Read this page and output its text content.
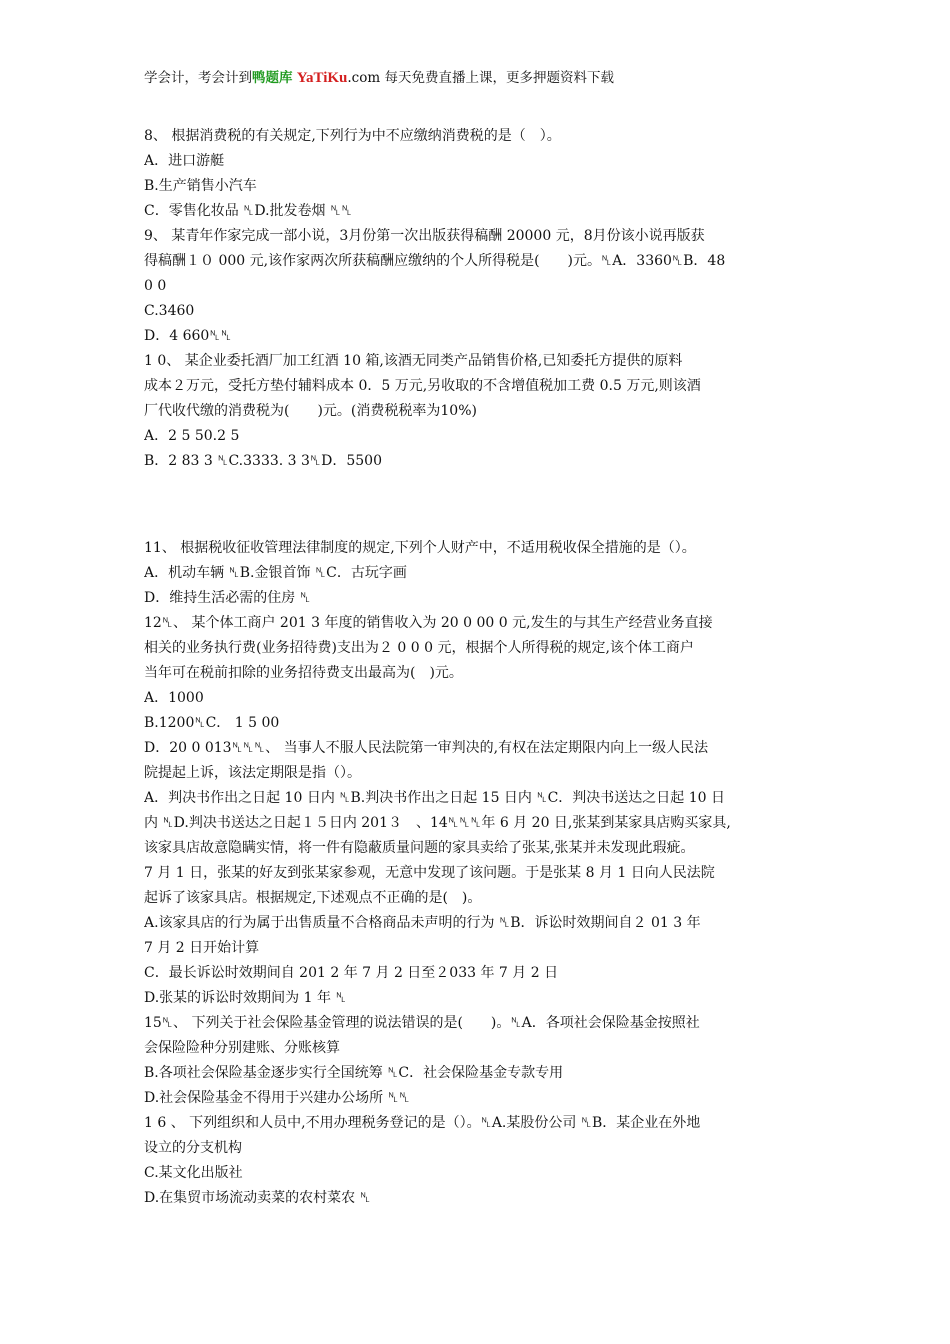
学会计，考会计到鸭题库 YaTiKu.com 每天免费直播上课，更多押题资料下载
8、 根据消费税的有关规定,下列行为中不应缴纳消费税的是（　）。
A．进口游艇
B.生产销售小汽车
C．零售化妆品 ␤D.批发卷烟 ␤␤
9、 某青年作家完成一部小说，3月份第一次出版获得稿酬 20000 元，8月份该小说再版获
得稿酬１０ 000 元,该作家两次所获稿酬应缴纳的个人所得税是(　　)元。␤A．3360␤B．48
0 0
C.3460
D．4 660␤␤
1 0、 某企业委托酒厂加工红酒 10 箱,该酒无同类产品销售价格,已知委托方提供的原料
成本２万元，受托方垫付辅料成本 0．5 万元,另收取的不含增值税加工费 0.5 万元,则该酒
厂代收代缴的消费税为(　　)元。(消费税税率为10%)
A．2 5 50.2 5
B．2 83 3 ␤C.3333. 3 3␤D．5500
11、 根据税收征收管理法律制度的规定,下列个人财产中，不适用税收保全措施的是（）。
A．机动车辆 ␤B.金银首饰 ␤C．古玩字画
D．维持生活必需的住房 ␤
12␤、 某个体工商户 201 3 年度的销售收入为 20 0 00 0 元,发生的与其生产经营业务直接
相关的业务执行费(业务招待费)支出为２ 0 0 0 元，根据个人所得税的规定,该个体工商户
当年可在税前扣除的业务招待费支出最高为(　)元。
A．1000
B.1200␤C． 1 5 00
D．20 0 013␤␤␤、 当事人不服人民法院第一审判决的,有权在法定期限内向上一级人民法
院提起上诉，该法定期限是指（）。
A．判决书作出之日起 10 日内 ␤B.判决书作出之日起 15 日内 ␤C．判决书送达之日起 10 日
内 ␤D.判决书送达之日起１５日内 201３　、14␤␤␤年 6 月 20 日,张某到某家具店购买家具,
该家具店故意隐瞒实情，将一件有隐蔽质量问题的家具卖给了张某,张某并未发现此瑕疵。
7 月 1 日，张某的好友到张某家参观，无意中发现了该问题。于是张某 8 月 1 日向人民法院
起诉了该家具店。根据规定,下述观点不正确的是(　)。
A.该家具店的行为属于出售质量不合格商品未声明的行为 ␤B．诉讼时效期间自２ 01 3 年
7 月 2 日开始计算
C．最长诉讼时效期间自 201 2 年 7 月 2 日至２033 年 7 月 2 日
D.张某的诉讼时效期间为 1 年 ␤
15␤、 下列关于社会保险基金管理的说法错误的是(　　)。␤A．各项社会保险基金按照社
会保险险种分别建账、分账核算
B.各项社会保险基金逐步实行全国统筹 ␤C．社会保险基金专款专用
D.社会保险基金不得用于兴建办公场所 ␤␤
1 6 、 下列组织和人员中,不用办理税务登记的是（）。␤A.某股份公司 ␤B．某企业在外地
设立的分支机构
C.某文化出版社
D.在集贸市场流动卖菜的农村菜农 ␤
